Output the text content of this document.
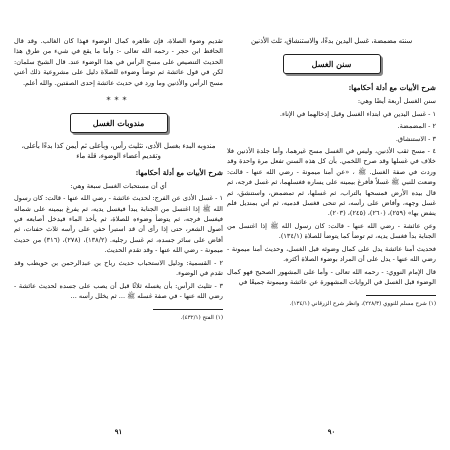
سنته مضمضة، غسل اليدين بدءًا، والاستنشاق، ثلث الأذنين

سنن الغسل
شرح الأبيات مع أدلة أحكامها:

سنن الغسل أربعة أيضًا وهي:

١ - غسل اليدين في ابتداء الغسل وقبل إدخالهما في الإناء.

٢ - المضمضة.

٣ - الاستنشاق.

٤ - مسح ثقب الأذنين، وليس في الغسل مسح غيرهما، وأما جلدة الأذنين فلا خلاف في غسلها وقد صرح اللخمي. بأن كل هذه السنن تفعل مرة واحدة وقد وردت في صفة الغسل. ﷺ ، «عن أمنا ميمونة - رضي الله عنها - قالت: وضعت للنبي ﷺ غسلاً فأفرغ بيمينه على يساره فغسلهما، ثم غسل فرجه، ثم قال بيده الأرض فمسحها بالتراب، ثم غسلها، ثم تمضمض، واستنشق، ثم غسل وجهه، وأفاض على رأسه، ثم تنحى فغسل قدميه، ثم أتي بمنديل فلم ينفض بها» (٢٥٩)، (٢٦٠)، (٢٤٥)، (٢٠٣).

وعن عائشة - رضي الله عنها - قالت: كان رسول الله ﷺ إذا اغتسل من الجنابة بدأ فغسل يديه، ثم توضأ كما يتوضأ للصلاة (١٣٤/١).

فحديث أمنا عائشة يدل على كمال وضوئه قبل الغسل، وحديث أمنا ميمونة - رضي الله عنها - يدل على أن المراد بوضوء الصلاة أكثره.

قال الإمام النووي: - رحمه الله تعالى - وأما على المشهور الصحيح فهو كمال الوضوء قبل الغسل في الروايات المشهورة عن عائشة وميمونة جميعًا في

(١) شرح مسلم للنووي (٢٢٨/٣)، وانظر شرح الزرقاني (١٣٤/١).

٩٠

تقديم وضوء الصلاة، فإن ظاهره كمال الوضوء فهذا كان الغالب. وقد قال الحافظ ابن حجر - رحمه الله تعالى -: وأما ما يقع في شيء من طرق هذا الحديث التنصيص على مسح الرأس في هذا الوضوء عند. قال الشيخ سلمان: لكن في قول عائشة ثم توضأ وضوءه للصلاة دليل على مشروعية ذلك أعني مسح الرأس والأذنين وما ورد في حديث عائشة إحدى الصفتين. والله أعلم.

***
مندوبات الغسل

مندوبه البدء بغسل الأذى، تثليث رأس، وبأعلى ثم أيمن كذا بدءًا بأعلى، وتقديم أعضاء الوضوء، قلة ماء

شرح الأبيات مع أدلة أحكامها:

أي أن مستحبات الغسل سبعة وهي:

١ - غسل الأذى عن الفرج: لحديث عائشة - رضي الله عنها - قالت: كان رسول الله ﷺ إذا اغتسل من الجنابة يبدأ فيغسل يديه، ثم يفرغ بيمينه على شماله فيغسل فرجه، ثم يتوضأ وضوءه للصلاة، ثم يأخذ الماء فيدخل أصابعه في أصول الشعر، حتى إذا رأى أن قد استبرأ حفن على رأسه ثلاث حفنات، ثم أفاض على سائر جسده، ثم غسل رجليه. (١٣٨/٢)، (٢٧٨)، (٣١٦) من حديث ميمونة - رضي الله عنها - وقد تقدم الحديث.

٢ - القسمية: ودليل الاستحباب حديث رباح بن عبدالرحمن بن حويطب وقد تقدم في الوضوء.

٣ - تثليث الرأس: بأن يغسله ثلاثًا قبل أن يصب على جسده لحديث عائشة - رضي الله عنها - في صفة غسله ﷺ ... ثم يخلل رأسه ...

(١) الفتح (٤٣٢/١).

٩١
